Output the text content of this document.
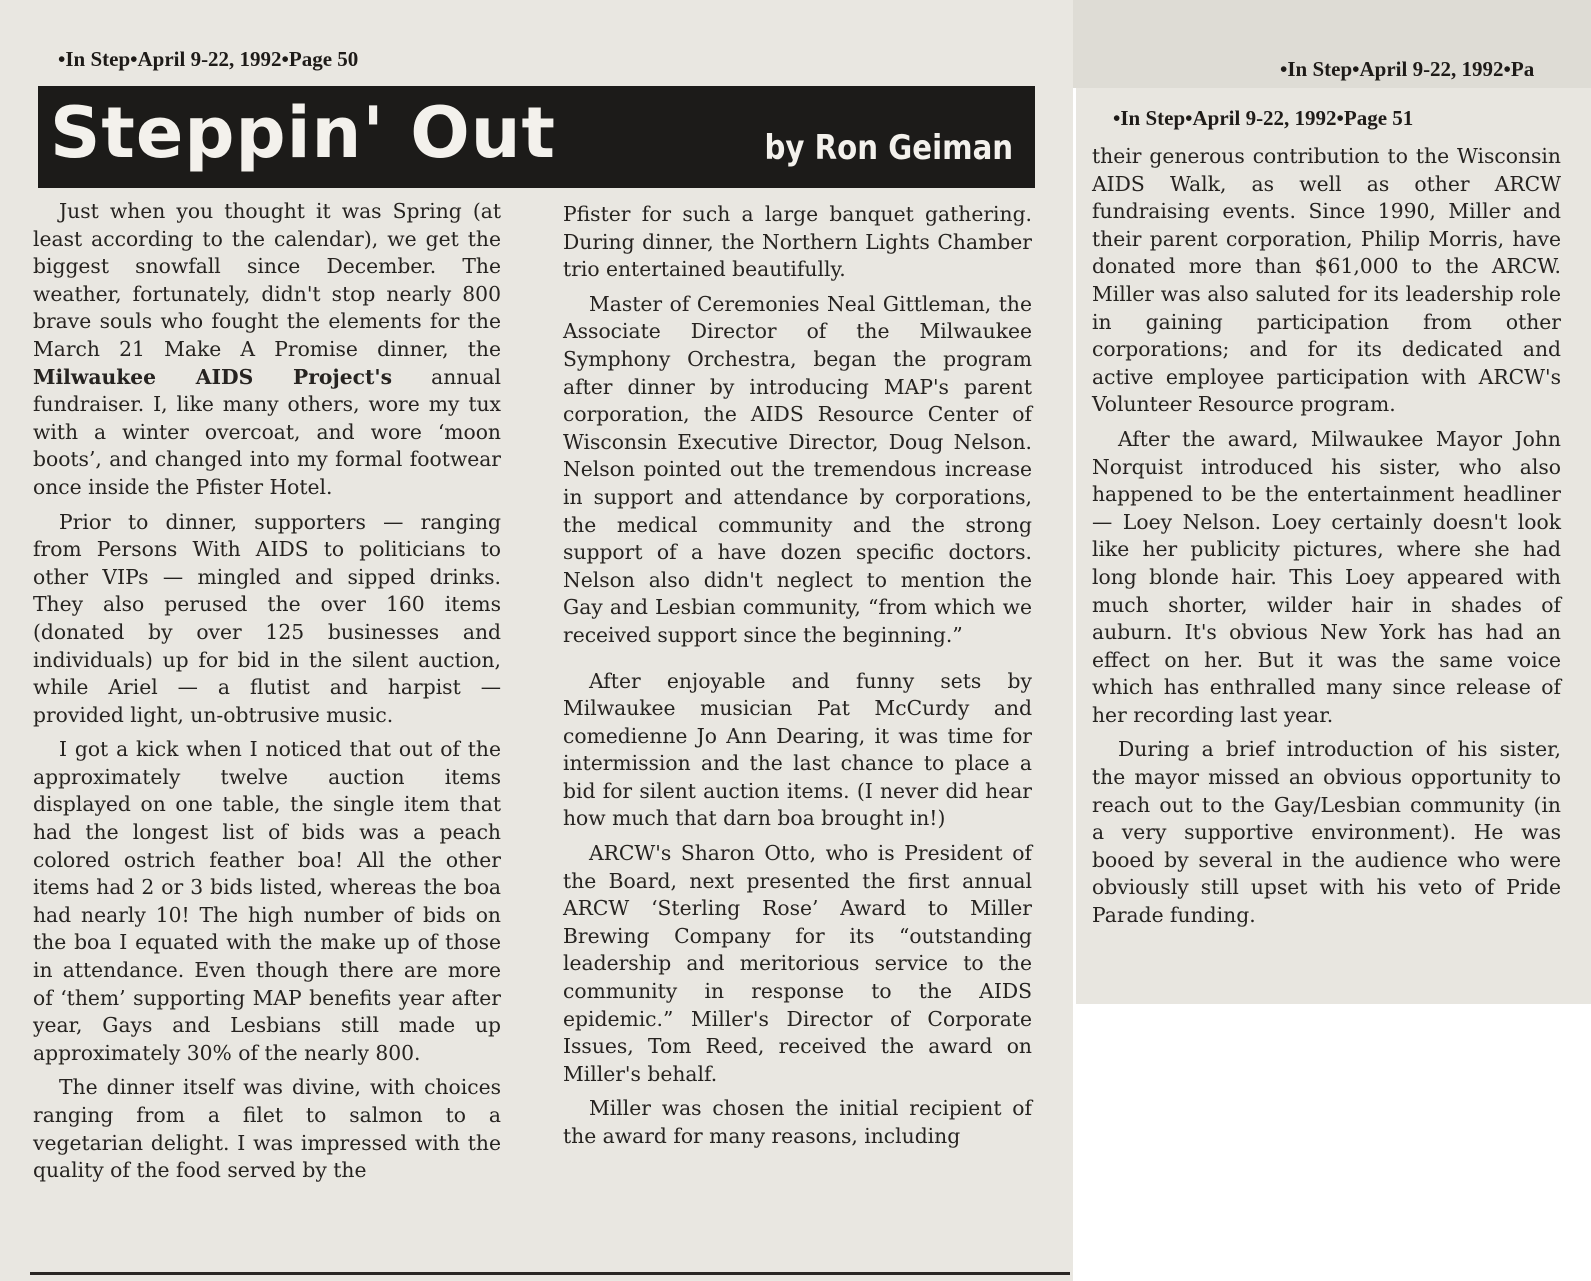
•In Step•April 9-22, 1992•Page 50	•In Step•April 9-22, 1992•Pa
•In Step•April 9-22, 1992•Page 51
Steppin' Out	by Ron Geiman

Just when you thought it was Spring (at least according to the calendar), we get the biggest snowfall since December. The weather, fortunately, didn't stop nearly 800 brave souls who fought the elements for the March 21 Make A Promise dinner, the Milwaukee AIDS Project's annual fundraiser. I, like many others, wore my tux with a winter overcoat, and wore ‘moon boots’, and changed into my formal footwear once inside the Pfister Hotel.

Prior to dinner, supporters — ranging from Persons With AIDS to politicians to other VIPs — mingled and sipped drinks. They also perused the over 160 items (donated by over 125 businesses and individuals) up for bid in the silent auction, while Ariel — a flutist and harpist — provided light, un-obtrusive music.

I got a kick when I noticed that out of the approximately twelve auction items displayed on one table, the single item that had the longest list of bids was a peach colored ostrich feather boa! All the other items had 2 or 3 bids listed, whereas the boa had nearly 10! The high number of bids on the boa I equated with the make up of those in attendance. Even though there are more of ‘them’ supporting MAP benefits year after year, Gays and Lesbians still made up approximately 30% of the nearly 800.

The dinner itself was divine, with choices ranging from a filet to salmon to a vegetarian delight. I was impressed with the quality of the food served by the

Pfister for such a large banquet gathering. During dinner, the Northern Lights Chamber trio entertained beautifully.

Master of Ceremonies Neal Gittleman, the Associate Director of the Milwaukee Symphony Orchestra, began the program after dinner by introducing MAP's parent corporation, the AIDS Resource Center of Wisconsin Executive Director, Doug Nelson. Nelson pointed out the tremendous increase in support and attendance by corporations, the medical community and the strong support of a have dozen specific doctors. Nelson also didn't neglect to mention the Gay and Lesbian community, “from which we received support since the beginning.”

After enjoyable and funny sets by Milwaukee musician Pat McCurdy and comedienne Jo Ann Dearing, it was time for intermission and the last chance to place a bid for silent auction items. (I never did hear how much that darn boa brought in!)

ARCW's Sharon Otto, who is President of the Board, next presented the first annual ARCW ‘Sterling Rose’ Award to Miller Brewing Company for its “outstanding leadership and meritorious service to the community in response to the AIDS epidemic.” Miller's Director of Corporate Issues, Tom Reed, received the award on Miller's behalf.

Miller was chosen the initial recipient of the award for many reasons, including

their generous contribution to the Wisconsin AIDS Walk, as well as other ARCW fundraising events. Since 1990, Miller and their parent corporation, Philip Morris, have donated more than $61,000 to the ARCW. Miller was also saluted for its leadership role in gaining participation from other corporations; and for its dedicated and active employee participation with ARCW's Volunteer Resource program.

After the award, Milwaukee Mayor John Norquist introduced his sister, who also happened to be the entertainment headliner — Loey Nelson. Loey certainly doesn't look like her publicity pictures, where she had long blonde hair. This Loey appeared with much shorter, wilder hair in shades of auburn. It's obvious New York has had an effect on her. But it was the same voice which has enthralled many since release of her recording last year.

During a brief introduction of his sister, the mayor missed an obvious opportunity to reach out to the Gay/Lesbian community (in a very supportive environment). He was booed by several in the audience who were obviously still upset with his veto of Pride Parade funding.
